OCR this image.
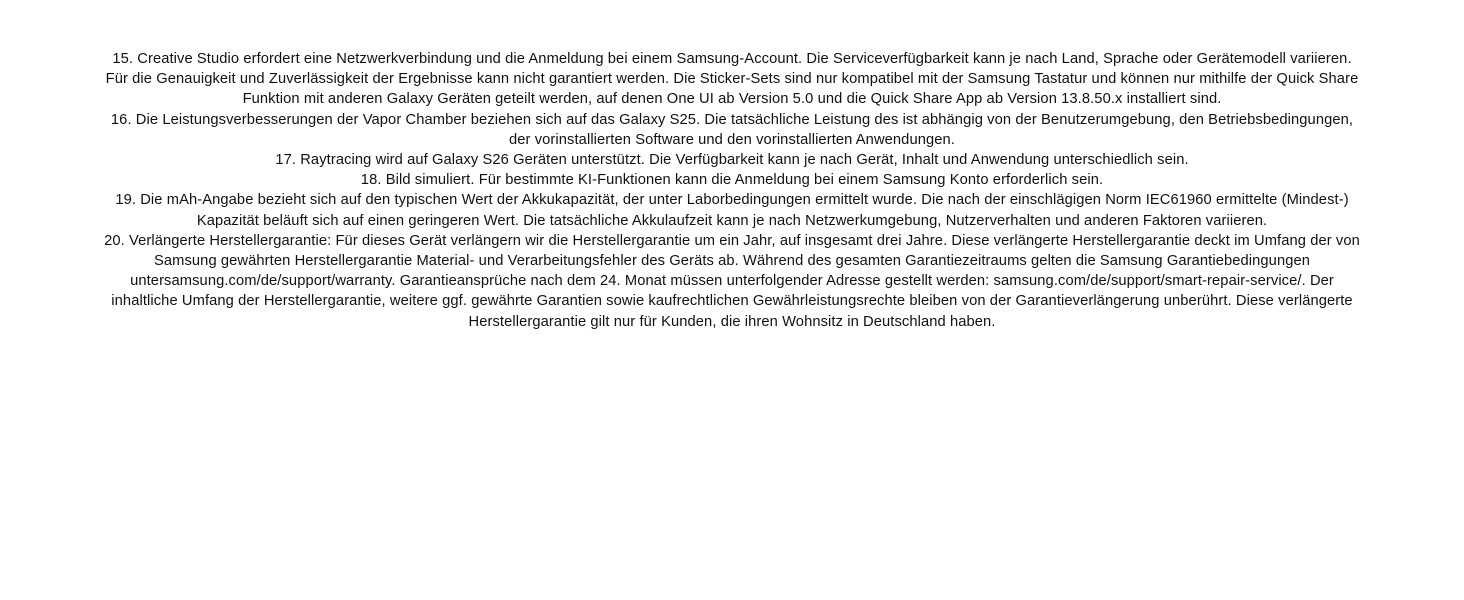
15. Creative Studio erfordert eine Netzwerkverbindung und die Anmeldung bei einem Samsung-Account. Die Serviceverfügbarkeit kann je nach Land, Sprache oder Gerätemodell variieren. Für die Genauigkeit und Zuverlässigkeit der Ergebnisse kann nicht garantiert werden. Die Sticker-Sets sind nur kompatibel mit der Samsung Tastatur und können nur mithilfe der Quick Share Funktion mit anderen Galaxy Geräten geteilt werden, auf denen One UI ab Version 5.0 und die Quick Share App ab Version 13.8.50.x installiert sind.

16. Die Leistungsverbesserungen der Vapor Chamber beziehen sich auf das Galaxy S25. Die tatsächliche Leistung des ist abhängig von der Benutzerumgebung, den Betriebsbedingungen, der vorinstallierten Software und den vorinstallierten Anwendungen.

17. Raytracing wird auf Galaxy S26 Geräten unterstützt. Die Verfügbarkeit kann je nach Gerät, Inhalt und Anwendung unterschiedlich sein.

18. Bild simuliert. Für bestimmte KI-Funktionen kann die Anmeldung bei einem Samsung Konto erforderlich sein.

19. Die mAh-Angabe bezieht sich auf den typischen Wert der Akkukapazität, der unter Laborbedingungen ermittelt wurde. Die nach der einschlägigen Norm IEC61960 ermittelte (Mindest-) Kapazität beläuft sich auf einen geringeren Wert. Die tatsächliche Akkulaufzeit kann je nach Netzwerkumgebung, Nutzerverhalten und anderen Faktoren variieren.

20. Verlängerte Herstellergarantie: Für dieses Gerät verlängern wir die Herstellergarantie um ein Jahr, auf insgesamt drei Jahre. Diese verlängerte Herstellergarantie deckt im Umfang der von Samsung gewährten Herstellergarantie Material- und Verarbeitungsfehler des Geräts ab. Während des gesamten Garantiezeitraums gelten die Samsung Garantiebedingungen untersamsung.com/de/support/warranty. Garantieansprüche nach dem 24. Monat müssen unterfolgender Adresse gestellt werden: samsung.com/de/support/smart-repair-service/. Der inhaltliche Umfang der Herstellergarantie, weitere ggf. gewährte Garantien sowie kaufrechtlichen Gewährleistungsrechte bleiben von der Garantieverlängerung unberührt. Diese verlängerte Herstellergarantie gilt nur für Kunden, die ihren Wohnsitz in Deutschland haben.
